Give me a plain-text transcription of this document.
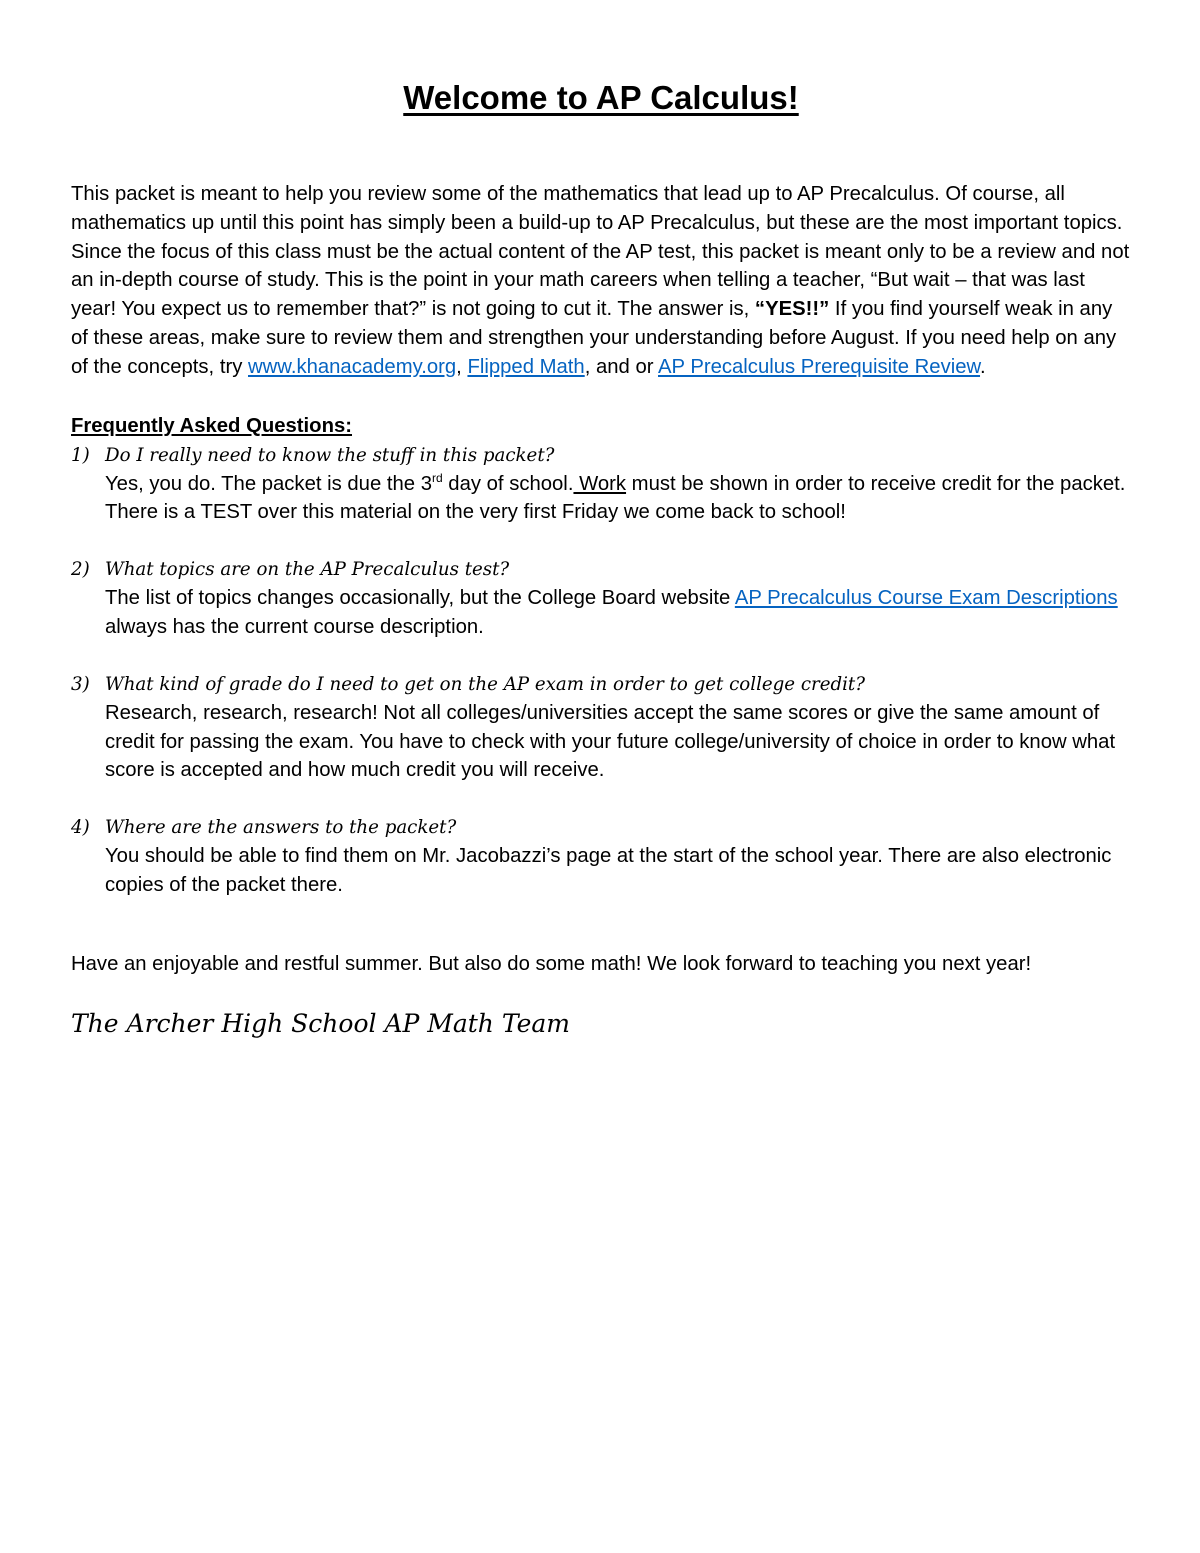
Welcome to AP Calculus!

This packet is meant to help you review some of the mathematics that lead up to AP Precalculus. Of course, all mathematics up until this point has simply been a build-up to AP Precalculus, but these are the most important topics. Since the focus of this class must be the actual content of the AP test, this packet is meant only to be a review and not an in-depth course of study. This is the point in your math careers when telling a teacher, “But wait – that was last year! You expect us to remember that?” is not going to cut it. The answer is, “YES!!” If you find yourself weak in any of these areas, make sure to review them and strengthen your understanding before August. If you need help on any of the concepts, try www.khanacademy.org, Flipped Math, and or AP Precalculus Prerequisite Review.

Frequently Asked Questions:
1) Do I really need to know the stuff in this packet?
Yes, you do. The packet is due the 3rd day of school. Work must be shown in order to receive credit for the packet. There is a TEST over this material on the very first Friday we come back to school!
2) What topics are on the AP Precalculus test?
The list of topics changes occasionally, but the College Board website AP Precalculus Course Exam Descriptions always has the current course description.
3) What kind of grade do I need to get on the AP exam in order to get college credit?
Research, research, research! Not all colleges/universities accept the same scores or give the same amount of credit for passing the exam. You have to check with your future college/university of choice in order to know what score is accepted and how much credit you will receive.
4) Where are the answers to the packet?
You should be able to find them on Mr. Jacobazzi’s page at the start of the school year. There are also electronic copies of the packet there.

Have an enjoyable and restful summer. But also do some math! We look forward to teaching you next year!

The Archer High School AP Math Team
